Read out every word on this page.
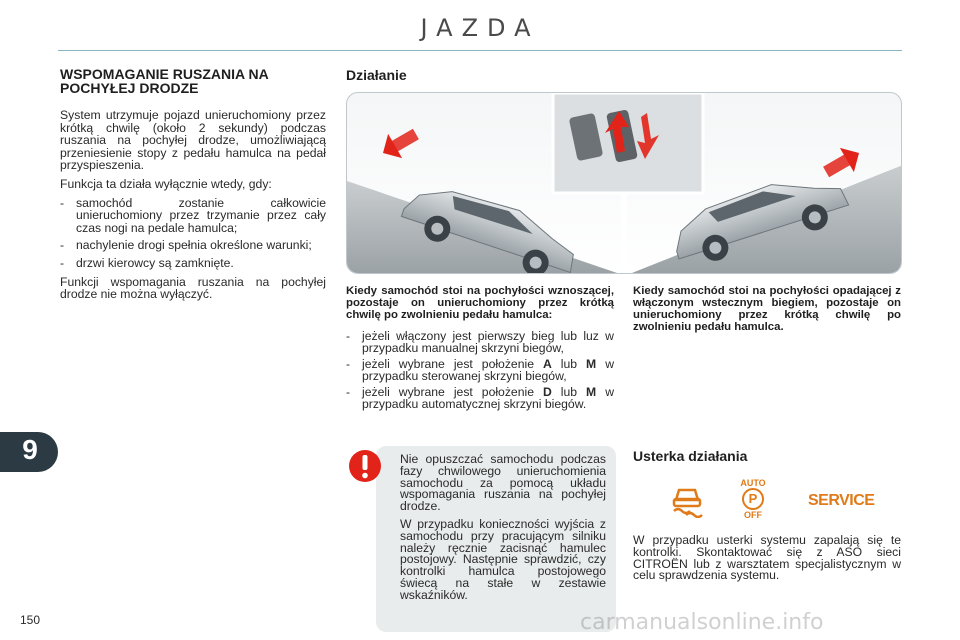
JAZDA
WSPOMAGANIE RUSZANIA NA POCHYŁEJ DRODZE

System utrzymuje pojazd unieruchomiony przez krótką chwilę (około 2 sekundy) podczas ruszania na pochyłej drodze, umożliwiającą przeniesienie stopy z pedału hamulca na pedał przyspieszenia.

Funkcja ta działa wyłącznie wtedy, gdy:

- samochód zostanie całkowicie unieruchomiony przez trzymanie przez cały czas nogi na pedale hamulca;
- nachylenie drogi spełnia określone warunki;
- drzwi kierowcy są zamknięte.

Funkcji wspomagania ruszania na pochyłej drodze nie można wyłączyć.

Działanie
Kiedy samochód stoi na pochyłości wznoszącej, pozostaje on unieruchomiony przez krótką chwilę po zwolnieniu pedału hamulca:
- jeżeli włączony jest pierwszy bieg lub luz w przypadku manualnej skrzyni biegów,
- jeżeli wybrane jest położenie A lub M w przypadku sterowanej skrzyni biegów,
- jeżeli wybrane jest położenie D lub M w przypadku automatycznej skrzyni biegów.
Kiedy samochód stoi na pochyłości opadającej z włączonym wstecznym biegiem, pozostaje on unieruchomiony przez krótką chwilę po zwolnieniu pedału hamulca.

Nie opuszczać samochodu podczas fazy chwilowego unieruchomienia samochodu za pomocą układu wspomagania ruszania na pochyłej drodze.

W przypadku konieczności wyjścia z samochodu przy pracującym silniku należy ręcznie zacisnąć hamulec postojowy. Następnie sprawdzić, czy kontrolki hamulca postojowego świecą na stałe w zestawie wskaźników.

Usterka działania
AUTO
P
OFF
SERVICE
W przypadku usterki systemu zapalają się te kontrolki. Skontaktować się z ASO sieci CITROËN lub z warsztatem specjalistycznym w celu sprawdzenia systemu.
9
150	carmanualsonline.info
